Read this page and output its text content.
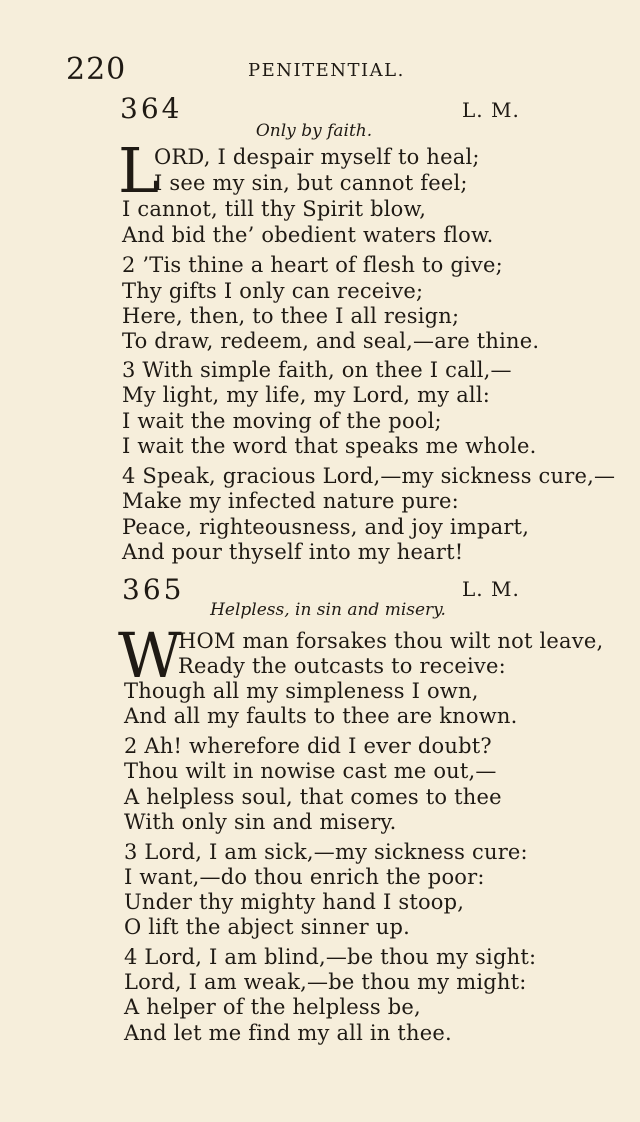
220	PENITENTIAL.
364	L. M.
Only by faith.
L
ORD, I despair myself to heal;
I see my sin, but cannot feel;
I cannot, till thy Spirit blow,
And bid the’ obedient waters flow.
2 ’Tis thine a heart of flesh to give;
Thy gifts I only can receive;
Here, then, to thee I all resign;
To draw, redeem, and seal,—are thine.
3 With simple faith, on thee I call,—
My light, my life, my Lord, my all:
I wait the moving of the pool;
I wait the word that speaks me whole.
4 Speak, gracious Lord,—my sickness cure,—
Make my infected nature pure:
Peace, righteousness, and joy impart,
And pour thyself into my heart!
365	L. M.
Helpless, in sin and misery.
W
HOM man forsakes thou wilt not leave,
Ready the outcasts to receive:
Though all my simpleness I own,
And all my faults to thee are known.
2 Ah! wherefore did I ever doubt?
Thou wilt in nowise cast me out,—
A helpless soul, that comes to thee
With only sin and misery.
3 Lord, I am sick,—my sickness cure:
I want,—do thou enrich the poor:
Under thy mighty hand I stoop,
O lift the abject sinner up.
4 Lord, I am blind,—be thou my sight:
Lord, I am weak,—be thou my might:
A helper of the helpless be,
And let me find my all in thee.
